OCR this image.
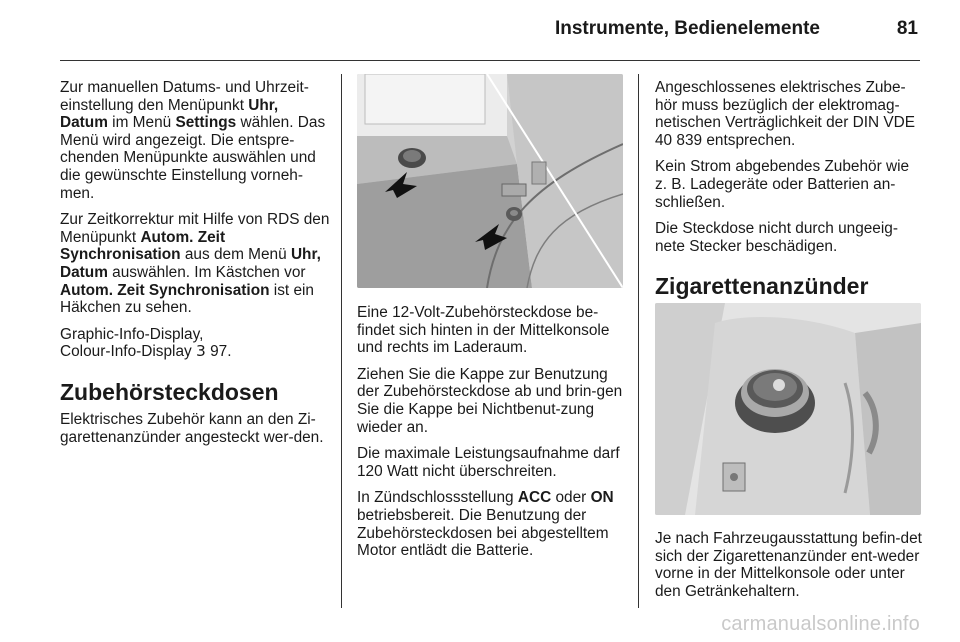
Instrumente, Bedienelemente	81

Zur manuellen Datums- und Uhrzeit-einstellung den Menüpunkt Uhr, Datum im Menü Settings wählen. Das Menü wird angezeigt. Die entspre-chenden Menüpunkte auswählen und die gewünschte Einstellung vorneh-men.

Zur Zeitkorrektur mit Hilfe von RDS den Menüpunkt Autom. Zeit Synchronisation aus dem Menü Uhr, Datum auswählen. Im Kästchen vor Autom. Zeit Synchronisation ist ein Häkchen zu sehen.

Graphic-Info-Display,
Colour-Info-Display 3 97.

Zubehörsteckdosen

Elektrisches Zubehör kann an den Zi-garettenanzünder angesteckt wer-den.

Eine 12-Volt-Zubehörsteckdose be-findet sich hinten in der Mittelkonsole und rechts im Laderaum.

Ziehen Sie die Kappe zur Benutzung der Zubehörsteckdose ab und brin-gen Sie die Kappe bei Nichtbenut-zung wieder an.

Die maximale Leistungsaufnahme darf 120 Watt nicht überschreiten.

In Zündschlossstellung ACC oder ON betriebsbereit. Die Benutzung der Zubehörsteckdosen bei abgestelltem Motor entlädt die Batterie.

Angeschlossenes elektrisches Zube-hör muss bezüglich der elektromag-netischen Verträglichkeit der DIN VDE 40 839 entsprechen.

Kein Strom abgebendes Zubehör wie z. B. Ladegeräte oder Batterien an-schließen.

Die Steckdose nicht durch ungeeig-nete Stecker beschädigen.

Zigarettenanzünder

Je nach Fahrzeugausstattung befin-det sich der Zigarettenanzünder ent-weder vorne in der Mittelkonsole oder unter den Getränkehaltern.

carmanualsonline.info
